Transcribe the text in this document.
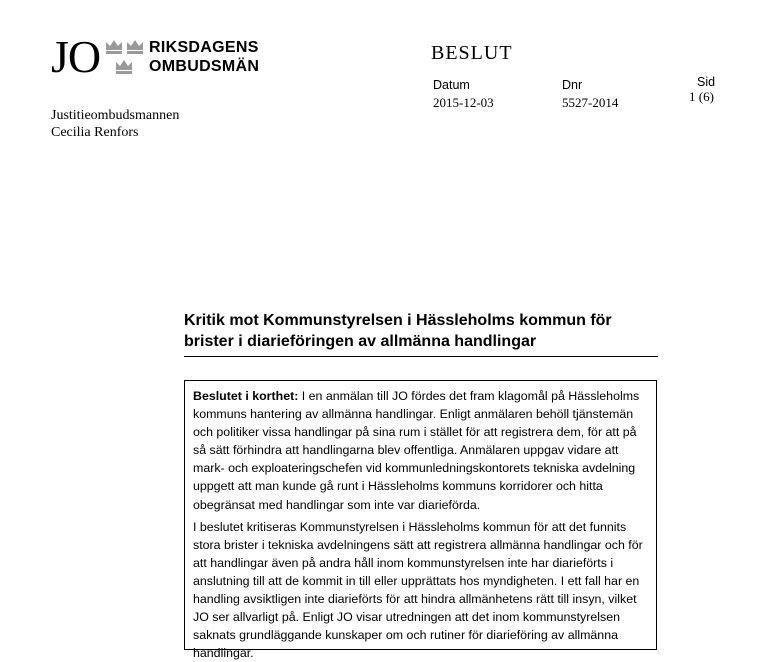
JO	RIKSDAGENS
OMBUDSMÄN
BESLUT
Datum
2015-12-03
Dnr
5527-2014
Sid
1 (6)
Justitieombudsmannen
Cecilia Renfors
Kritik mot Kommunstyrelsen i Hässleholms kommun för brister i diarieföringen av allmänna handlingar

Beslutet i korthet: I en anmälan till JO fördes det fram klagomål på Hässleholms kommuns hantering av allmänna handlingar. Enligt anmälaren behöll tjänstemän och politiker vissa handlingar på sina rum i stället för att registrera dem, för att på så sätt förhindra att handlingarna blev offentliga. Anmälaren uppgav vidare att mark- och exploateringschefen vid kommunledningskontorets tekniska avdelning uppgett att man kunde gå runt i Hässleholms kommuns korridorer och hitta obegränsat med handlingar som inte var diarieförda.

I beslutet kritiseras Kommunstyrelsen i Hässleholms kommun för att det funnits stora brister i tekniska avdelningens sätt att registrera allmänna handlingar och för att handlingar även på andra håll inom kommunstyrelsen inte har diarieförts i anslutning till att de kommit in till eller upprättats hos myndigheten. I ett fall har en handling avsiktligen inte diarieförts för att hindra allmänhetens rätt till insyn, vilket JO ser allvarligt på. Enligt JO visar utredningen att det inom kommunstyrelsen saknats grundläggande kunskaper om och rutiner för diarieföring av allmänna handlingar.
